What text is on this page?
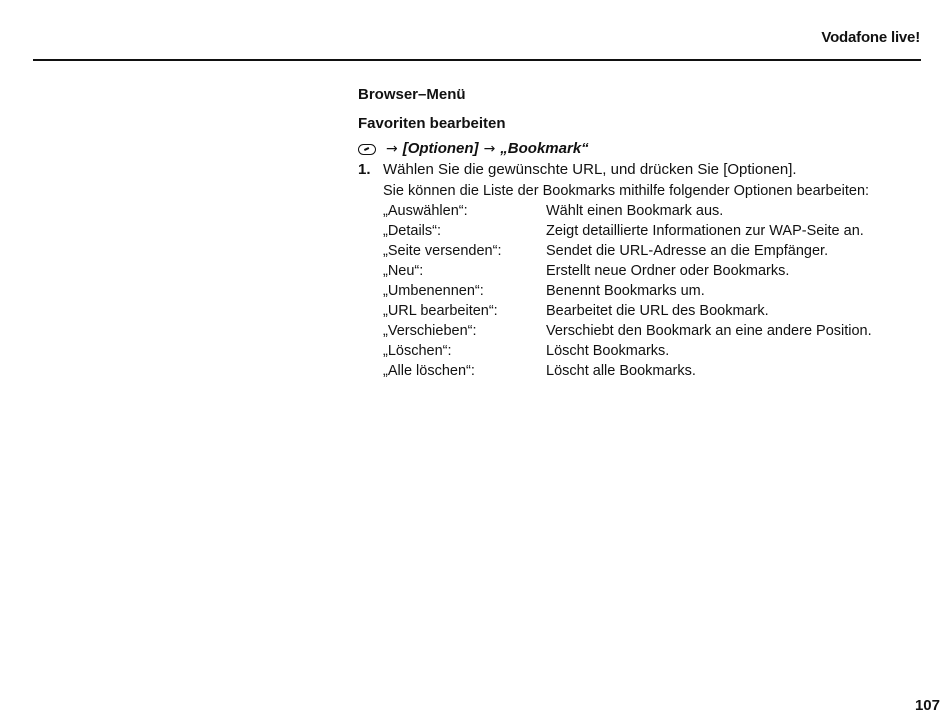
Vodafone live!
Browser–Menü
Favoriten bearbeiten
→ [Optionen] → „Bookmark“
1. Wählen Sie die gewünschte URL, und drücken Sie [Optionen].

Sie können die Liste der Bookmarks mithilfe folgender Optionen bearbeiten:

„Auswählen“:	Wählt einen Bookmark aus.
„Details“:	Zeigt detaillierte Informationen zur WAP-Seite an.
„Seite versenden“:	Sendet die URL-Adresse an die Empfänger.
„Neu“:	Erstellt neue Ordner oder Bookmarks.
„Umbenennen“:	Benennt Bookmarks um.
„URL bearbeiten“:	Bearbeitet die URL des Bookmark.
„Verschieben“:	Verschiebt den Bookmark an eine andere Position.
„Löschen“:	Löscht Bookmarks.
„Alle löschen“:	Löscht alle Bookmarks.
107
